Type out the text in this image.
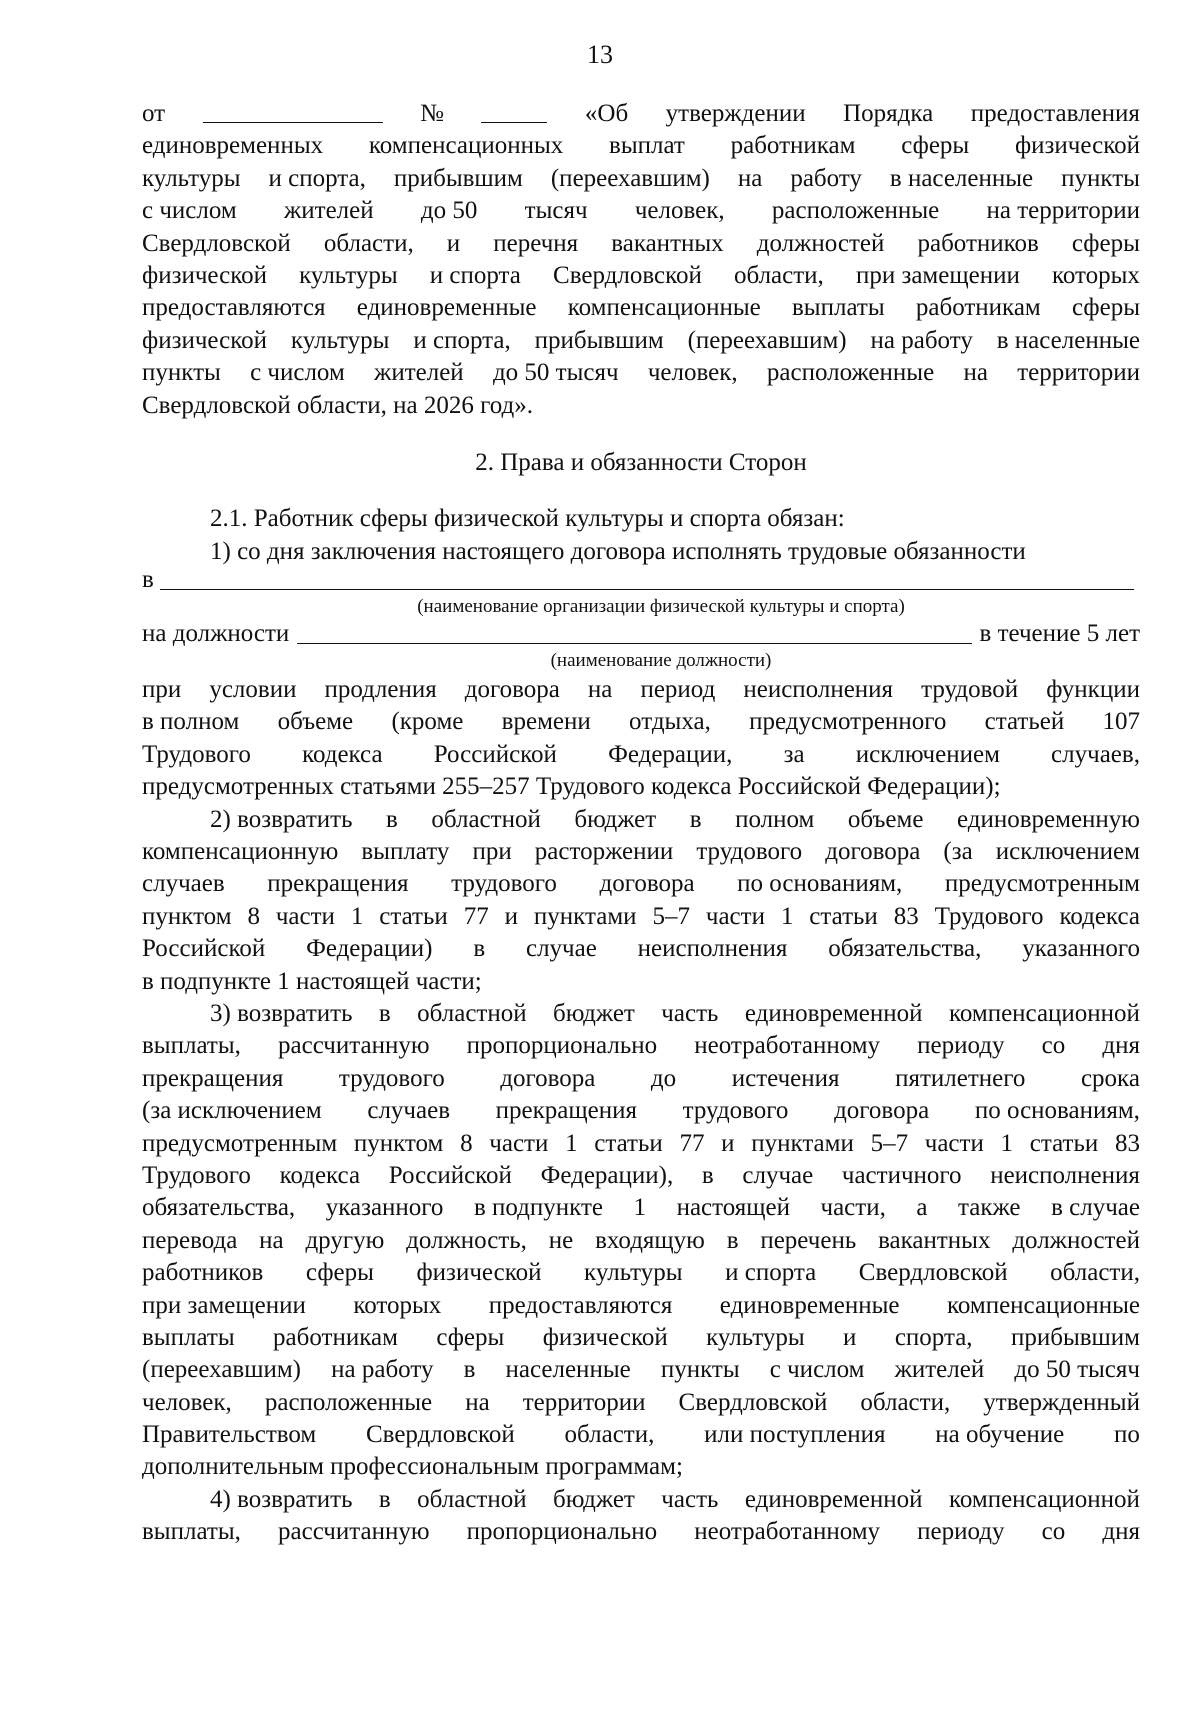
13
от	№	«Об утверждении Порядка предоставления
единовременных компенсационных выплат работникам сферы физической
культуры и спорта, прибывшим (переехавшим) на работу в населенные пункты
с числом жителей до 50 тысяч человек, расположенные на территории
Свердловской области, и перечня вакантных должностей работников сферы
физической культуры и спорта Свердловской области, при замещении которых
предоставляются единовременные компенсационные выплаты работникам сферы
физической культуры и спорта, прибывшим (переехавшим) на работу в населенные
пункты с числом жителей до 50 тысяч человек, расположенные на территории
Свердловской области, на 2026 год».
2. Права и обязанности Сторон
2.1. Работник сферы физической культуры и спорта обязан:
1) со дня заключения настоящего договора исполнять трудовые обязанности
в
(наименование организации физической культуры и спорта)
на должности	в течение 5 лет
(наименование должности)
при условии продления договора на период неисполнения трудовой функции
в полном объеме (кроме времени отдыха, предусмотренного статьей 107
Трудового кодекса Российской Федерации, за исключением случаев,
предусмотренных статьями 255–257 Трудового кодекса Российской Федерации);
2) возвратить в областной бюджет в полном объеме единовременную
компенсационную выплату при расторжении трудового договора (за исключением
случаев прекращения трудового договора по основаниям, предусмотренным
пунктом 8 части 1 статьи 77 и пунктами 5–7 части 1 статьи 83 Трудового кодекса
Российской Федерации) в случае неисполнения обязательства, указанного
в подпункте 1 настоящей части;
3) возвратить в областной бюджет часть единовременной компенсационной
выплаты, рассчитанную пропорционально неотработанному периоду со дня
прекращения трудового договора до истечения пятилетнего срока
(за исключением случаев прекращения трудового договора по основаниям,
предусмотренным пунктом 8 части 1 статьи 77 и пунктами 5–7 части 1 статьи 83
Трудового кодекса Российской Федерации), в случае частичного неисполнения
обязательства, указанного в подпункте 1 настоящей части, а также в случае
перевода на другую должность, не входящую в перечень вакантных должностей
работников сферы физической культуры и спорта Свердловской области,
при замещении которых предоставляются единовременные компенсационные
выплаты работникам сферы физической культуры и спорта, прибывшим
(переехавшим) на работу в населенные пункты с числом жителей до 50 тысяч
человек, расположенные на территории Свердловской области, утвержденный
Правительством Свердловской области, или поступления на обучение по
дополнительным профессиональным программам;
4) возвратить в областной бюджет часть единовременной компенсационной
выплаты, рассчитанную пропорционально неотработанному периоду со дня
